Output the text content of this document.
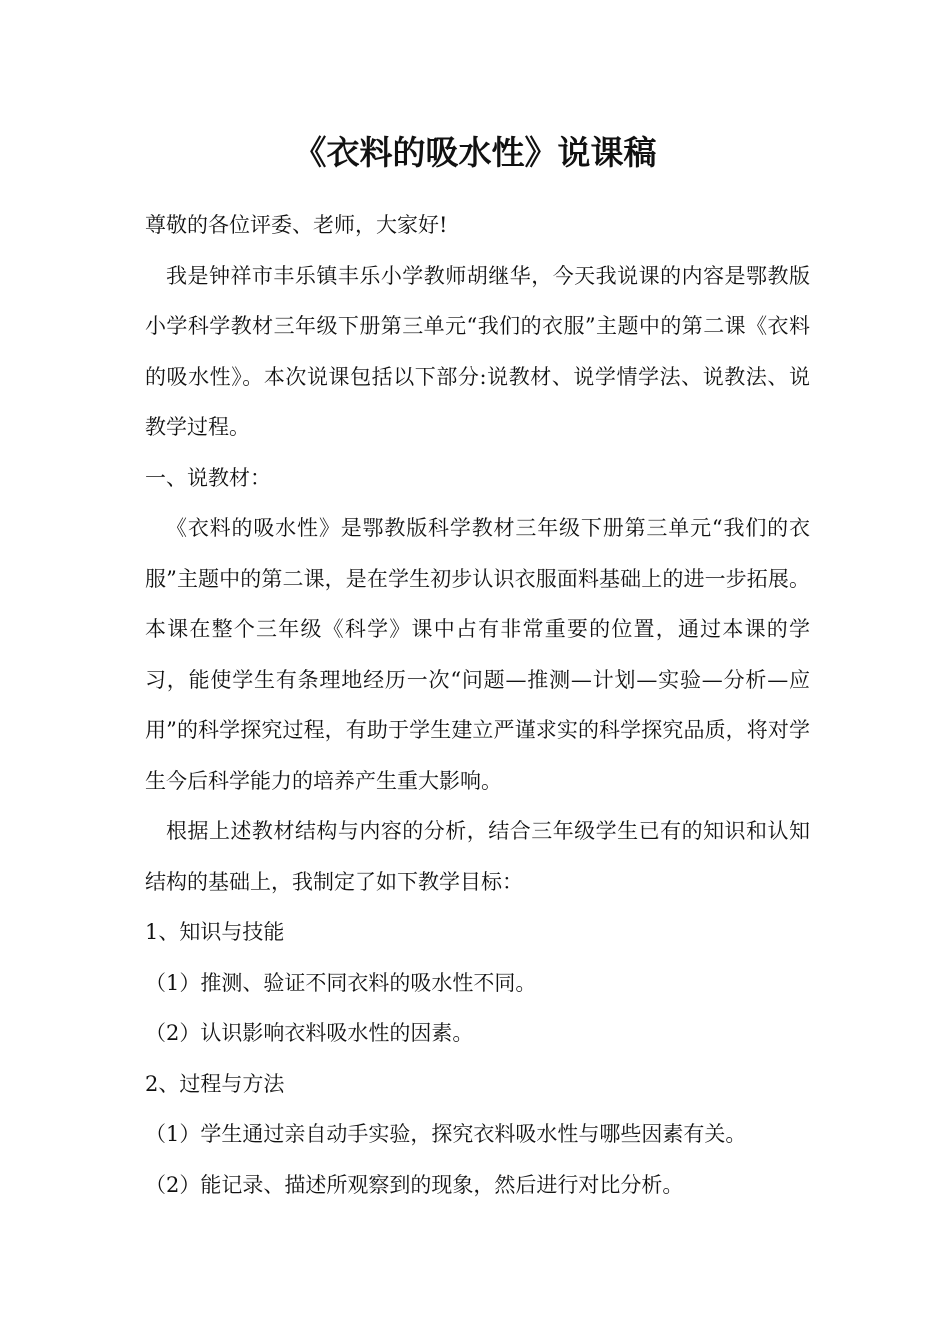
《衣料的吸水性》说课稿

尊敬的各位评委、老师，大家好!

我是钟祥市丰乐镇丰乐小学教师胡继华，今天我说课的内容是鄂教版小学科学教材三年级下册第三单元“我们的衣服”主题中的第二课《衣料的吸水性》。本次说课包括以下部分:说教材、说学情学法、说教法、说教学过程。

一、说教材：

《衣料的吸水性》是鄂教版科学教材三年级下册第三单元“我们的衣服”主题中的第二课，是在学生初步认识衣服面料基础上的进一步拓展。本课在整个三年级《科学》课中占有非常重要的位置，通过本课的学习，能使学生有条理地经历一次“问题—推测—计划—实验—分析—应用”的科学探究过程，有助于学生建立严谨求实的科学探究品质，将对学生今后科学能力的培养产生重大影响。

根据上述教材结构与内容的分析，结合三年级学生已有的知识和认知结构的基础上，我制定了如下教学目标：

1、知识与技能

（1）推测、验证不同衣料的吸水性不同。

（2）认识影响衣料吸水性的因素。

2、过程与方法

（1）学生通过亲自动手实验，探究衣料吸水性与哪些因素有关。

（2）能记录、描述所观察到的现象，然后进行对比分析。
